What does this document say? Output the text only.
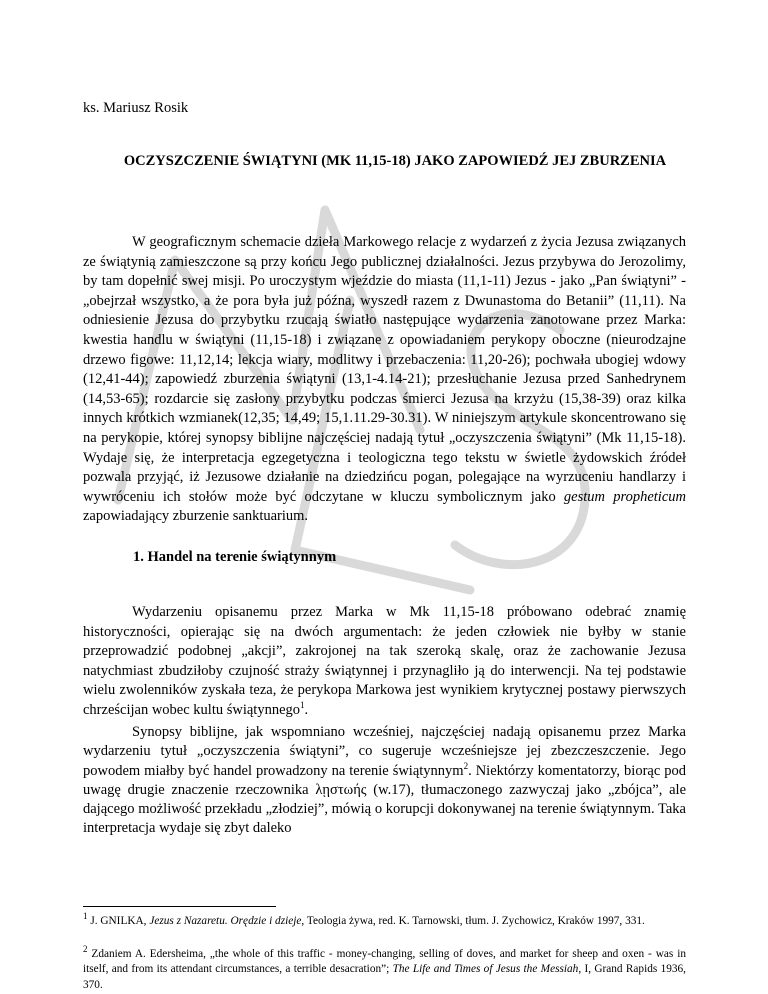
ks. Mariusz Rosik
OCZYSZCZENIE ŚWIĄTYNI (MK 11,15-18) JAKO ZAPOWIEDŹ JEJ ZBURZENIA

W geograficznym schemacie dzieła Markowego relacje z wydarzeń z życia Jezusa związanych ze świątynią zamieszczone są przy końcu Jego publicznej działalności. Jezus przybywa do Jerozolimy, by tam dopełnić swej misji. Po uroczystym wjeździe do miasta (11,1-11) Jezus - jako „Pan świątyni” - „obejrzał wszystko, a że pora była już późna, wyszedł razem z Dwunastoma do Betanii” (11,11). Na odniesienie Jezusa do przybytku rzucają światło następujące wydarzenia zanotowane przez Marka: kwestia handlu w świątyni (11,15-18) i związane z opowiadaniem perykopy oboczne (nieurodzajne drzewo figowe: 11,12,14; lekcja wiary, modlitwy i przebaczenia: 11,20-26); pochwała ubogiej wdowy (12,41-44); zapowiedź zburzenia świątyni (13,1-4.14-21); przesłuchanie Jezusa przed Sanhedrynem (14,53-65); rozdarcie się zasłony przybytku podczas śmierci Jezusa na krzyżu (15,38-39) oraz kilka innych krótkich wzmianek(12,35; 14,49; 15,1.11.29-30.31). W niniejszym artykule skoncentrowano się na perykopie, której synopsy biblijne najczęściej nadają tytuł „oczyszczenia świątyni” (Mk 11,15-18). Wydaje się, że interpretacja egzegetyczna i teologiczna tego tekstu w świetle żydowskich źródeł pozwala przyjąć, iż Jezusowe działanie na dziedzińcu pogan, polegające na wyrzuceniu handlarzy i wywróceniu ich stołów może być odczytane w kluczu symbolicznym jako gestum propheticum zapowiadający zburzenie sanktuarium.

1. Handel na terenie świątynnym

Wydarzeniu opisanemu przez Marka w Mk 11,15-18 próbowano odebrać znamię historyczności, opierając się na dwóch argumentach: że jeden człowiek nie byłby w stanie przeprowadzić podobnej „akcji”, zakrojonej na tak szeroką skalę, oraz że zachowanie Jezusa natychmiast zbudziłoby czujność straży świątynnej i przynagliło ją do interwencji. Na tej podstawie wielu zwolenników zyskała teza, że perykopa Markowa jest wynikiem krytycznej postawy pierwszych chrześcijan wobec kultu świątynnego$^1$.

Synopsy biblijne, jak wspomniano wcześniej, najczęściej nadają opisanemu przez Marka wydarzeniu tytuł „oczyszczenia świątyni”, co sugeruje wcześniejsze jej zbezczeszczenie. Jego powodem miałby być handel prowadzony na terenie świątynnym$^2$. Niektórzy komentatorzy, biorąc pod uwagę drugie znaczenie rzeczownika λῃστωής (w.17), tłumaczonego zazwyczaj jako „zbójca”, ale dającego możliwość przekładu „złodziej”, mówią o korupcji dokonywanej na terenie świątynnym. Taka interpretacja wydaje się zbyt daleko

$^1$ J. GNILKA, Jezus z Nazaretu. Orędzie i dzieje, Teologia żywa, red. K. Tarnowski, tłum. J. Zychowicz, Kraków 1997, 331.

$^2$ Zdaniem A. Edersheima, „the whole of this traffic - money-changing, selling of doves, and market for sheep and oxen - was in itself, and from its attendant circumstances, a terrible desacration”; The Life and Times of Jesus the Messiah, I, Grand Rapids 1936, 370.
